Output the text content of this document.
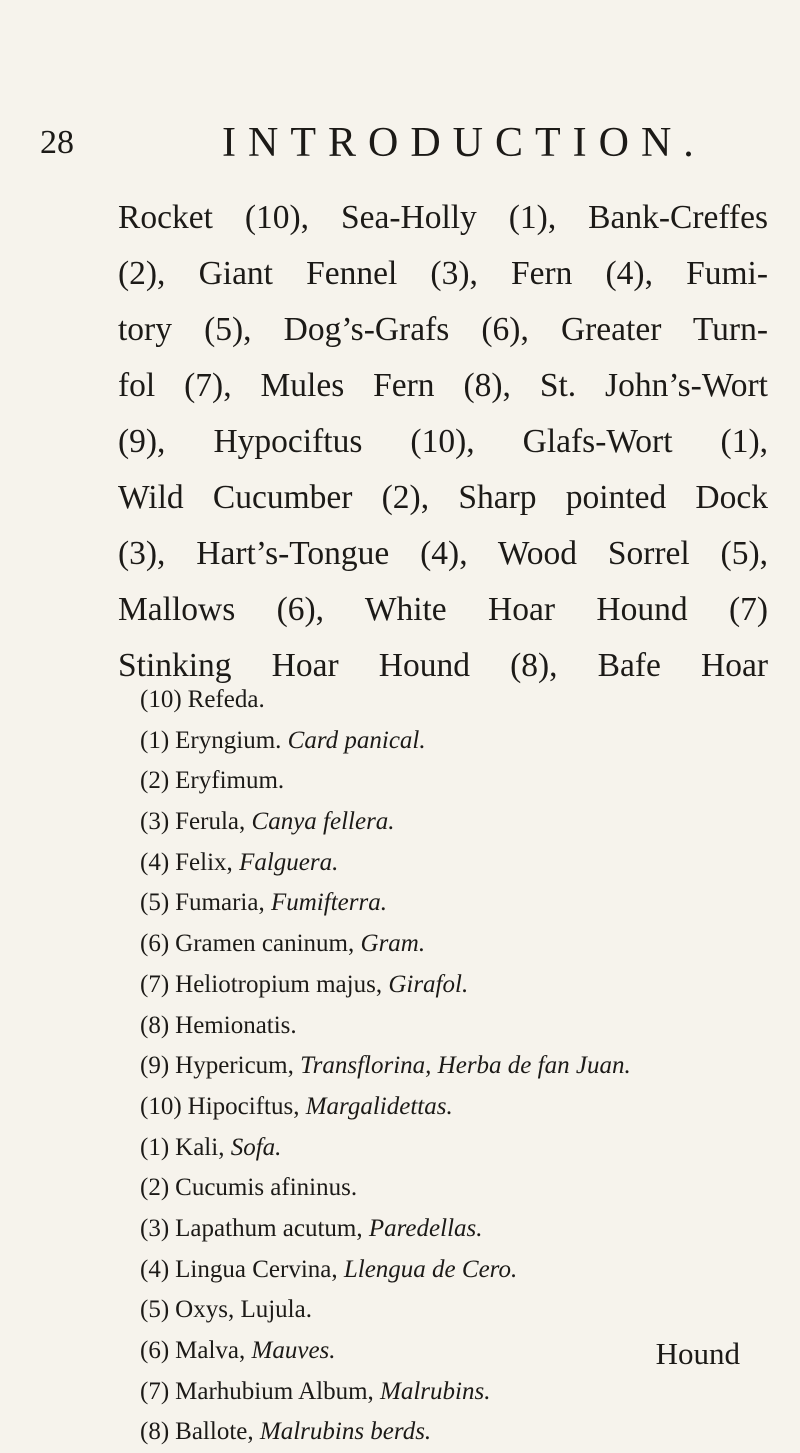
28	INTRODUCTION.
Rocket (10), Sea-Holly (1), Bank-Creffes
(2), Giant Fennel (3), Fern (4), Fumi-
tory (5), Dog’s-Grafs (6), Greater Turn-
fol (7), Mules Fern (8), St. John’s-Wort
(9), Hypociftus (10), Glafs-Wort (1),
Wild Cucumber (2), Sharp pointed Dock
(3), Hart’s-Tongue (4), Wood Sorrel (5),
Mallows (6), White Hoar Hound (7)
Stinking Hoar Hound (8), Bafe Hoar
(10) Refeda.
(1) Eryngium. Card panical.
(2) Eryfimum.
(3) Ferula, Canya fellera.
(4) Felix, Falguera.
(5) Fumaria, Fumifterra.
(6) Gramen caninum, Gram.
(7) Heliotropium majus, Girafol.
(8) Hemionatis.
(9) Hypericum, Transflorina, Herba de fan Juan.
(10) Hipociftus, Margalidettas.
(1) Kali, Sofa.
(2) Cucumis afininus.
(3) Lapathum acutum, Paredellas.
(4) Lingua Cervina, Llengua de Cero.
(5) Oxys, Lujula.
(6) Malva, Mauves.
(7) Marhubium Album, Malrubins.
(8) Ballote, Malrubins berds.
Hound
